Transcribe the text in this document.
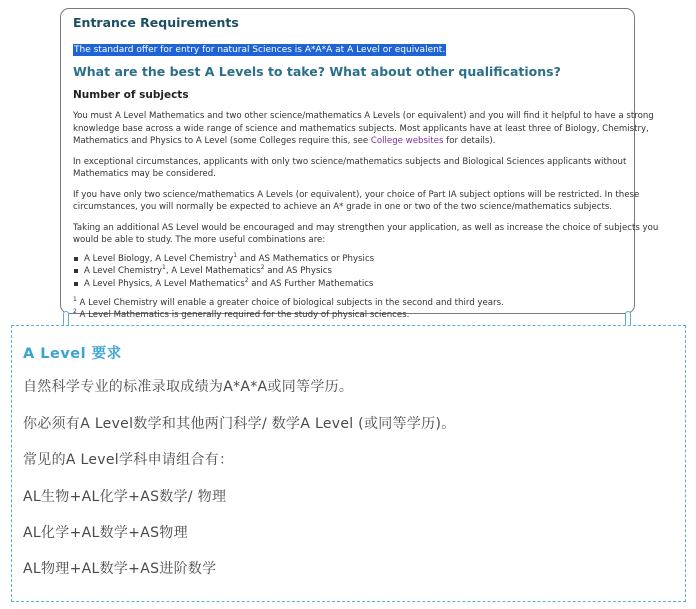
Entrance Requirements
The standard offer for entry for natural Sciences is A*A*A at A Level or equivalent.
What are the best A Levels to take? What about other qualifications?
Number of subjects

You must A Level Mathematics and two other science/mathematics A Levels (or equivalent) and you will find it helpful to have a strong
knowledge base across a wide range of science and mathematics subjects. Most applicants have at least three of Biology, Chemistry,
Mathematics and Physics to A Level (some Colleges require this, see College websites for details).

In exceptional circumstances, applicants with only two science/mathematics subjects and Biological Sciences applicants without
Mathematics may be considered.

If you have only two science/mathematics A Levels (or equivalent), your choice of Part IA subject options will be restricted. In these
circumstances, you will normally be expected to achieve an A* grade in one or two of the two science/mathematics subjects.

Taking an additional AS Level would be encouraged and may strengthen your application, as well as increase the choice of subjects you
would be able to study. The more useful combinations are:

A Level Biology, A Level Chemistry$^1$ and AS Mathematics or Physics
A Level Chemistry$^1$, A Level Mathematics$^2$ and AS Physics
A Level Physics, A Level Mathematics$^2$ and AS Further Mathematics
$^1$ A Level Chemistry will enable a greater choice of biological subjects in the second and third years.
$^2$ A Level Mathematics is generally required for the study of physical sciences.
A Level 要求
自然科学专业的标准录取成绩为A*A*A或同等学历。
你必须有A Level数学和其他两门科学/ 数学A Level (或同等学历)。
常见的A Level学科申请组合有：
AL生物+AL化学+AS数学/ 物理
AL化学+AL数学+AS物理
AL物理+AL数学+AS进阶数学
